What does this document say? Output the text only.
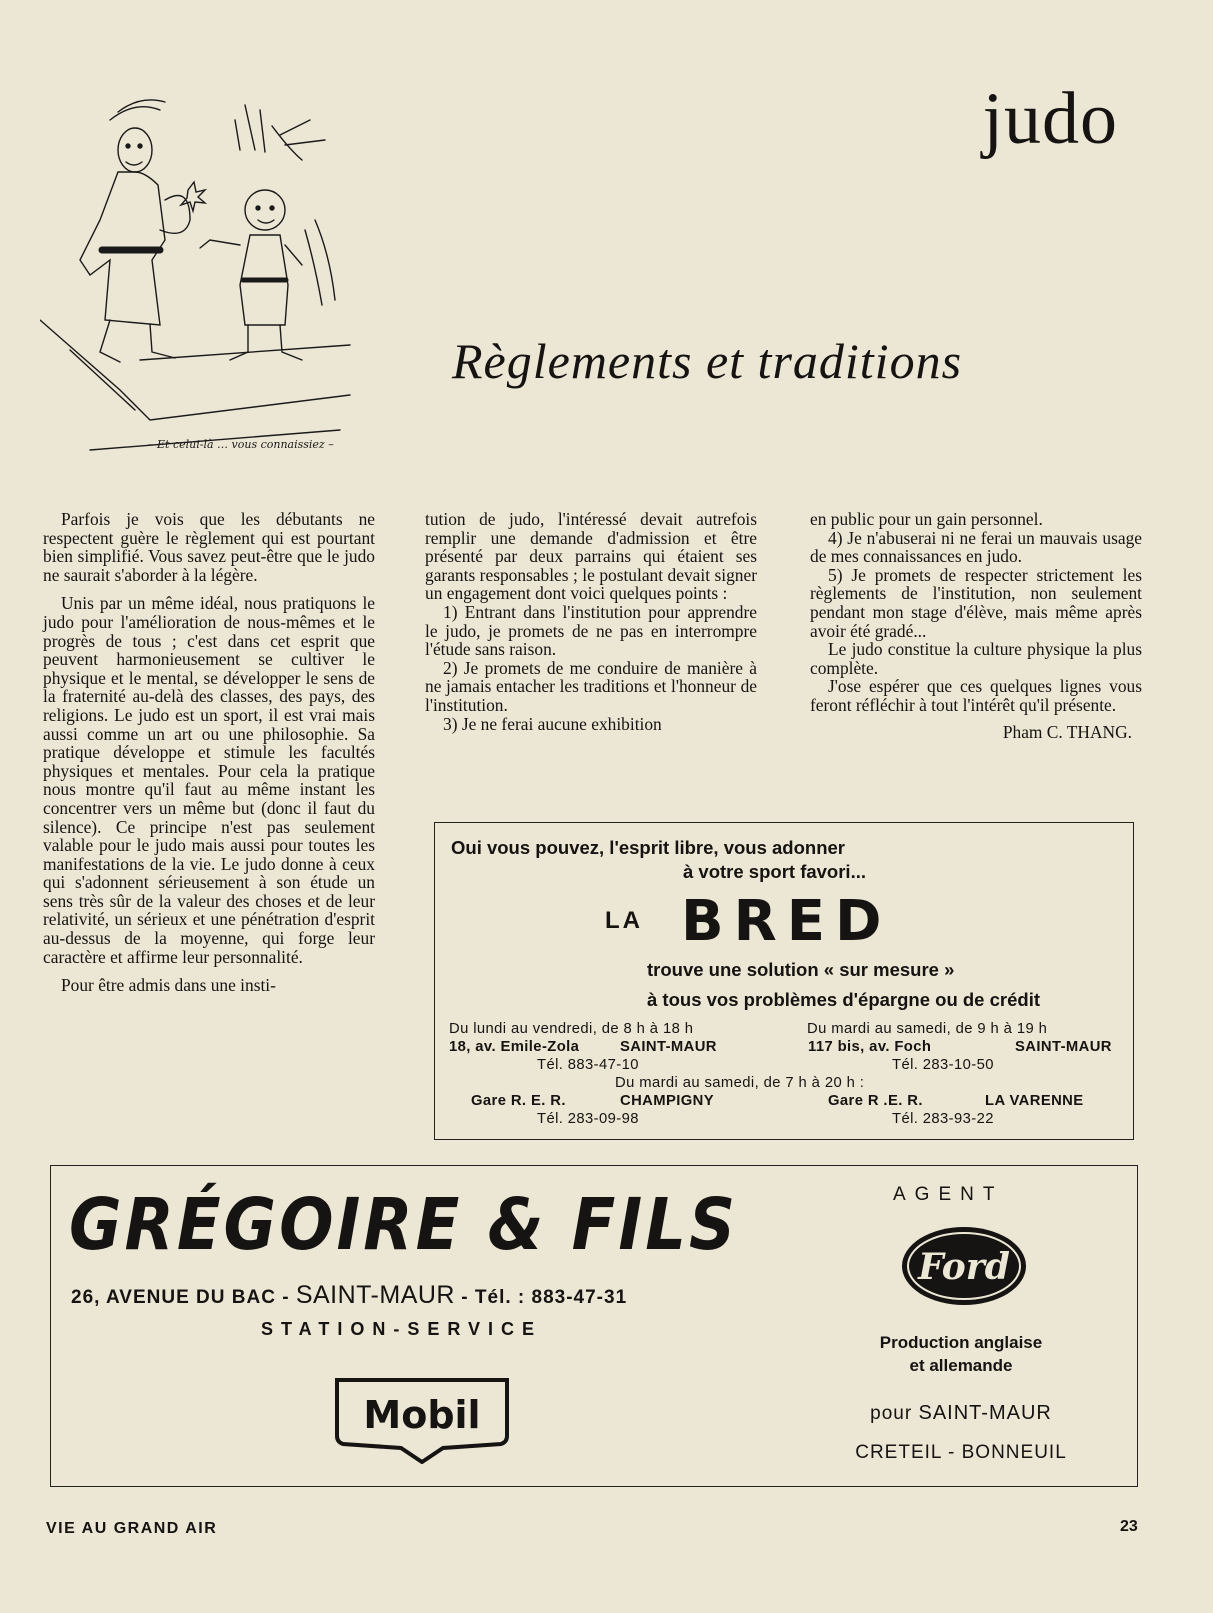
judo
Règlements et traditions
– Et celui-là … vous connaissiez –

Parfois je vois que les débutants ne respectent guère le règlement qui est pourtant bien simplifié. Vous savez peut-être que le judo ne saurait s'aborder à la légère.

Unis par un même idéal, nous pratiquons le judo pour l'amélioration de nous-mêmes et le progrès de tous ; c'est dans cet esprit que peuvent harmonieusement se cultiver le physique et le mental, se développer le sens de la fraternité au-delà des classes, des pays, des religions. Le judo est un sport, il est vrai mais aussi comme un art ou une philosophie. Sa pratique développe et stimule les facultés physiques et mentales. Pour cela la pratique nous montre qu'il faut au même instant les concentrer vers un même but (donc il faut du silence). Ce principe n'est pas seulement valable pour le judo mais aussi pour toutes les manifestations de la vie. Le judo donne à ceux qui s'adonnent sérieusement à son étude un sens très sûr de la valeur des choses et de leur relativité, un sérieux et une pénétration d'esprit au-dessus de la moyenne, qui forge leur caractère et affirme leur personnalité.

Pour être admis dans une insti-

tution de judo, l'intéressé devait autrefois remplir une demande d'admission et être présenté par deux parrains qui étaient ses garants responsables ; le postulant devait signer un engagement dont voici quelques points :

1) Entrant dans l'institution pour apprendre le judo, je promets de ne pas en interrompre l'étude sans raison.

2) Je promets de me conduire de manière à ne jamais entacher les traditions et l'honneur de l'institution.

3) Je ne ferai aucune exhibition

en public pour un gain personnel.

4) Je n'abuserai ni ne ferai un mauvais usage de mes connaissances en judo.

5) Je promets de respecter strictement les règlements de l'institution, non seulement pendant mon stage d'élève, mais même après avoir été gradé...

Le judo constitue la culture physique la plus complète.

J'ose espérer que ces quelques lignes vous feront réfléchir à tout l'intérêt qu'il présente.

Pham C. THANG.

Oui vous pouvez, l'esprit libre, vous adonner
à votre sport favori...
LA BRED
trouve une solution « sur mesure »
à tous vos problèmes d'épargne ou de crédit
Du lundi au vendredi, de 8 h à 18 h
18, av. Emile-Zola	SAINT-MAUR
Tél. 883-47-10
Du mardi au samedi, de 9 h à 19 h
117 bis, av. Foch	SAINT-MAUR
Tél. 283-10-50
Du mardi au samedi, de 7 h à 20 h :
Gare R. E. R.	CHAMPIGNY
Tél. 283-09-98
Gare R .E. R.	LA VARENNE
Tél. 283-93-22
GRÉGOIRE & FILS
26, AVENUE DU BAC - SAINT-MAUR - Tél. : 883-47-31
STATION-SERVICE
Mobil
AGENT
Ford
Production anglaise
et allemande
pour SAINT-MAUR
CRETEIL - BONNEUIL
VIE AU GRAND AIR	23
